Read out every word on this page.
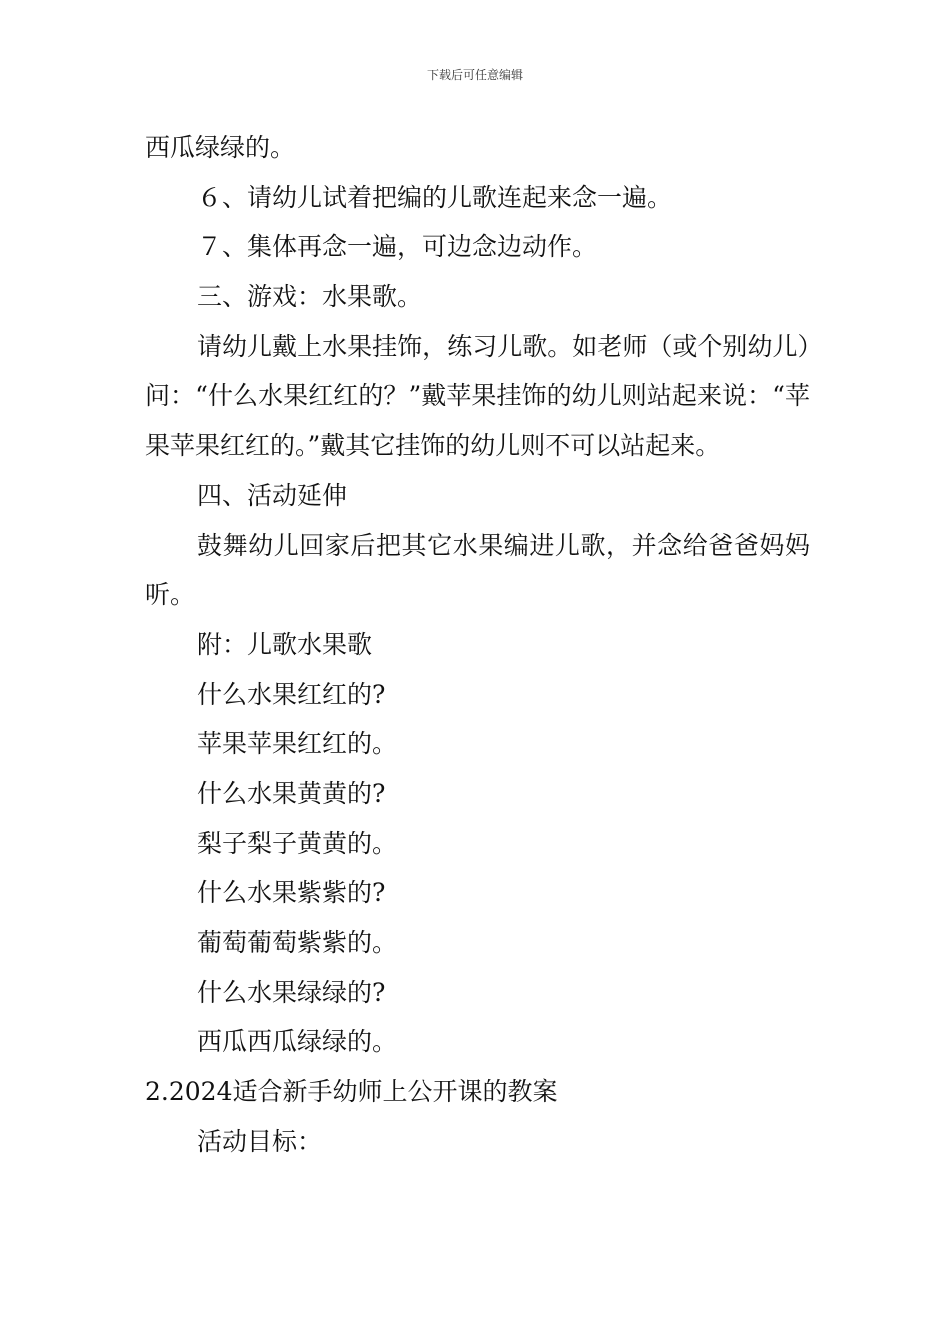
下载后可任意编辑
西瓜绿绿的。
６、请幼儿试着把编的儿歌连起来念一遍。
７、集体再念一遍，可边念边动作。
三、游戏：水果歌。
请幼儿戴上水果挂饰，练习儿歌。如老师（或个别幼儿）问：“什么水果红红的？”戴苹果挂饰的幼儿则站起来说：“苹果苹果红红的。”戴其它挂饰的幼儿则不可以站起来。
四、活动延伸
鼓舞幼儿回家后把其它水果编进儿歌，并念给爸爸妈妈听。
附：儿歌水果歌
什么水果红红的?
苹果苹果红红的。
什么水果黄黄的?
梨子梨子黄黄的。
什么水果紫紫的?
葡萄葡萄紫紫的。
什么水果绿绿的?
西瓜西瓜绿绿的。
2.2024适合新手幼师上公开课的教案
活动目标：
